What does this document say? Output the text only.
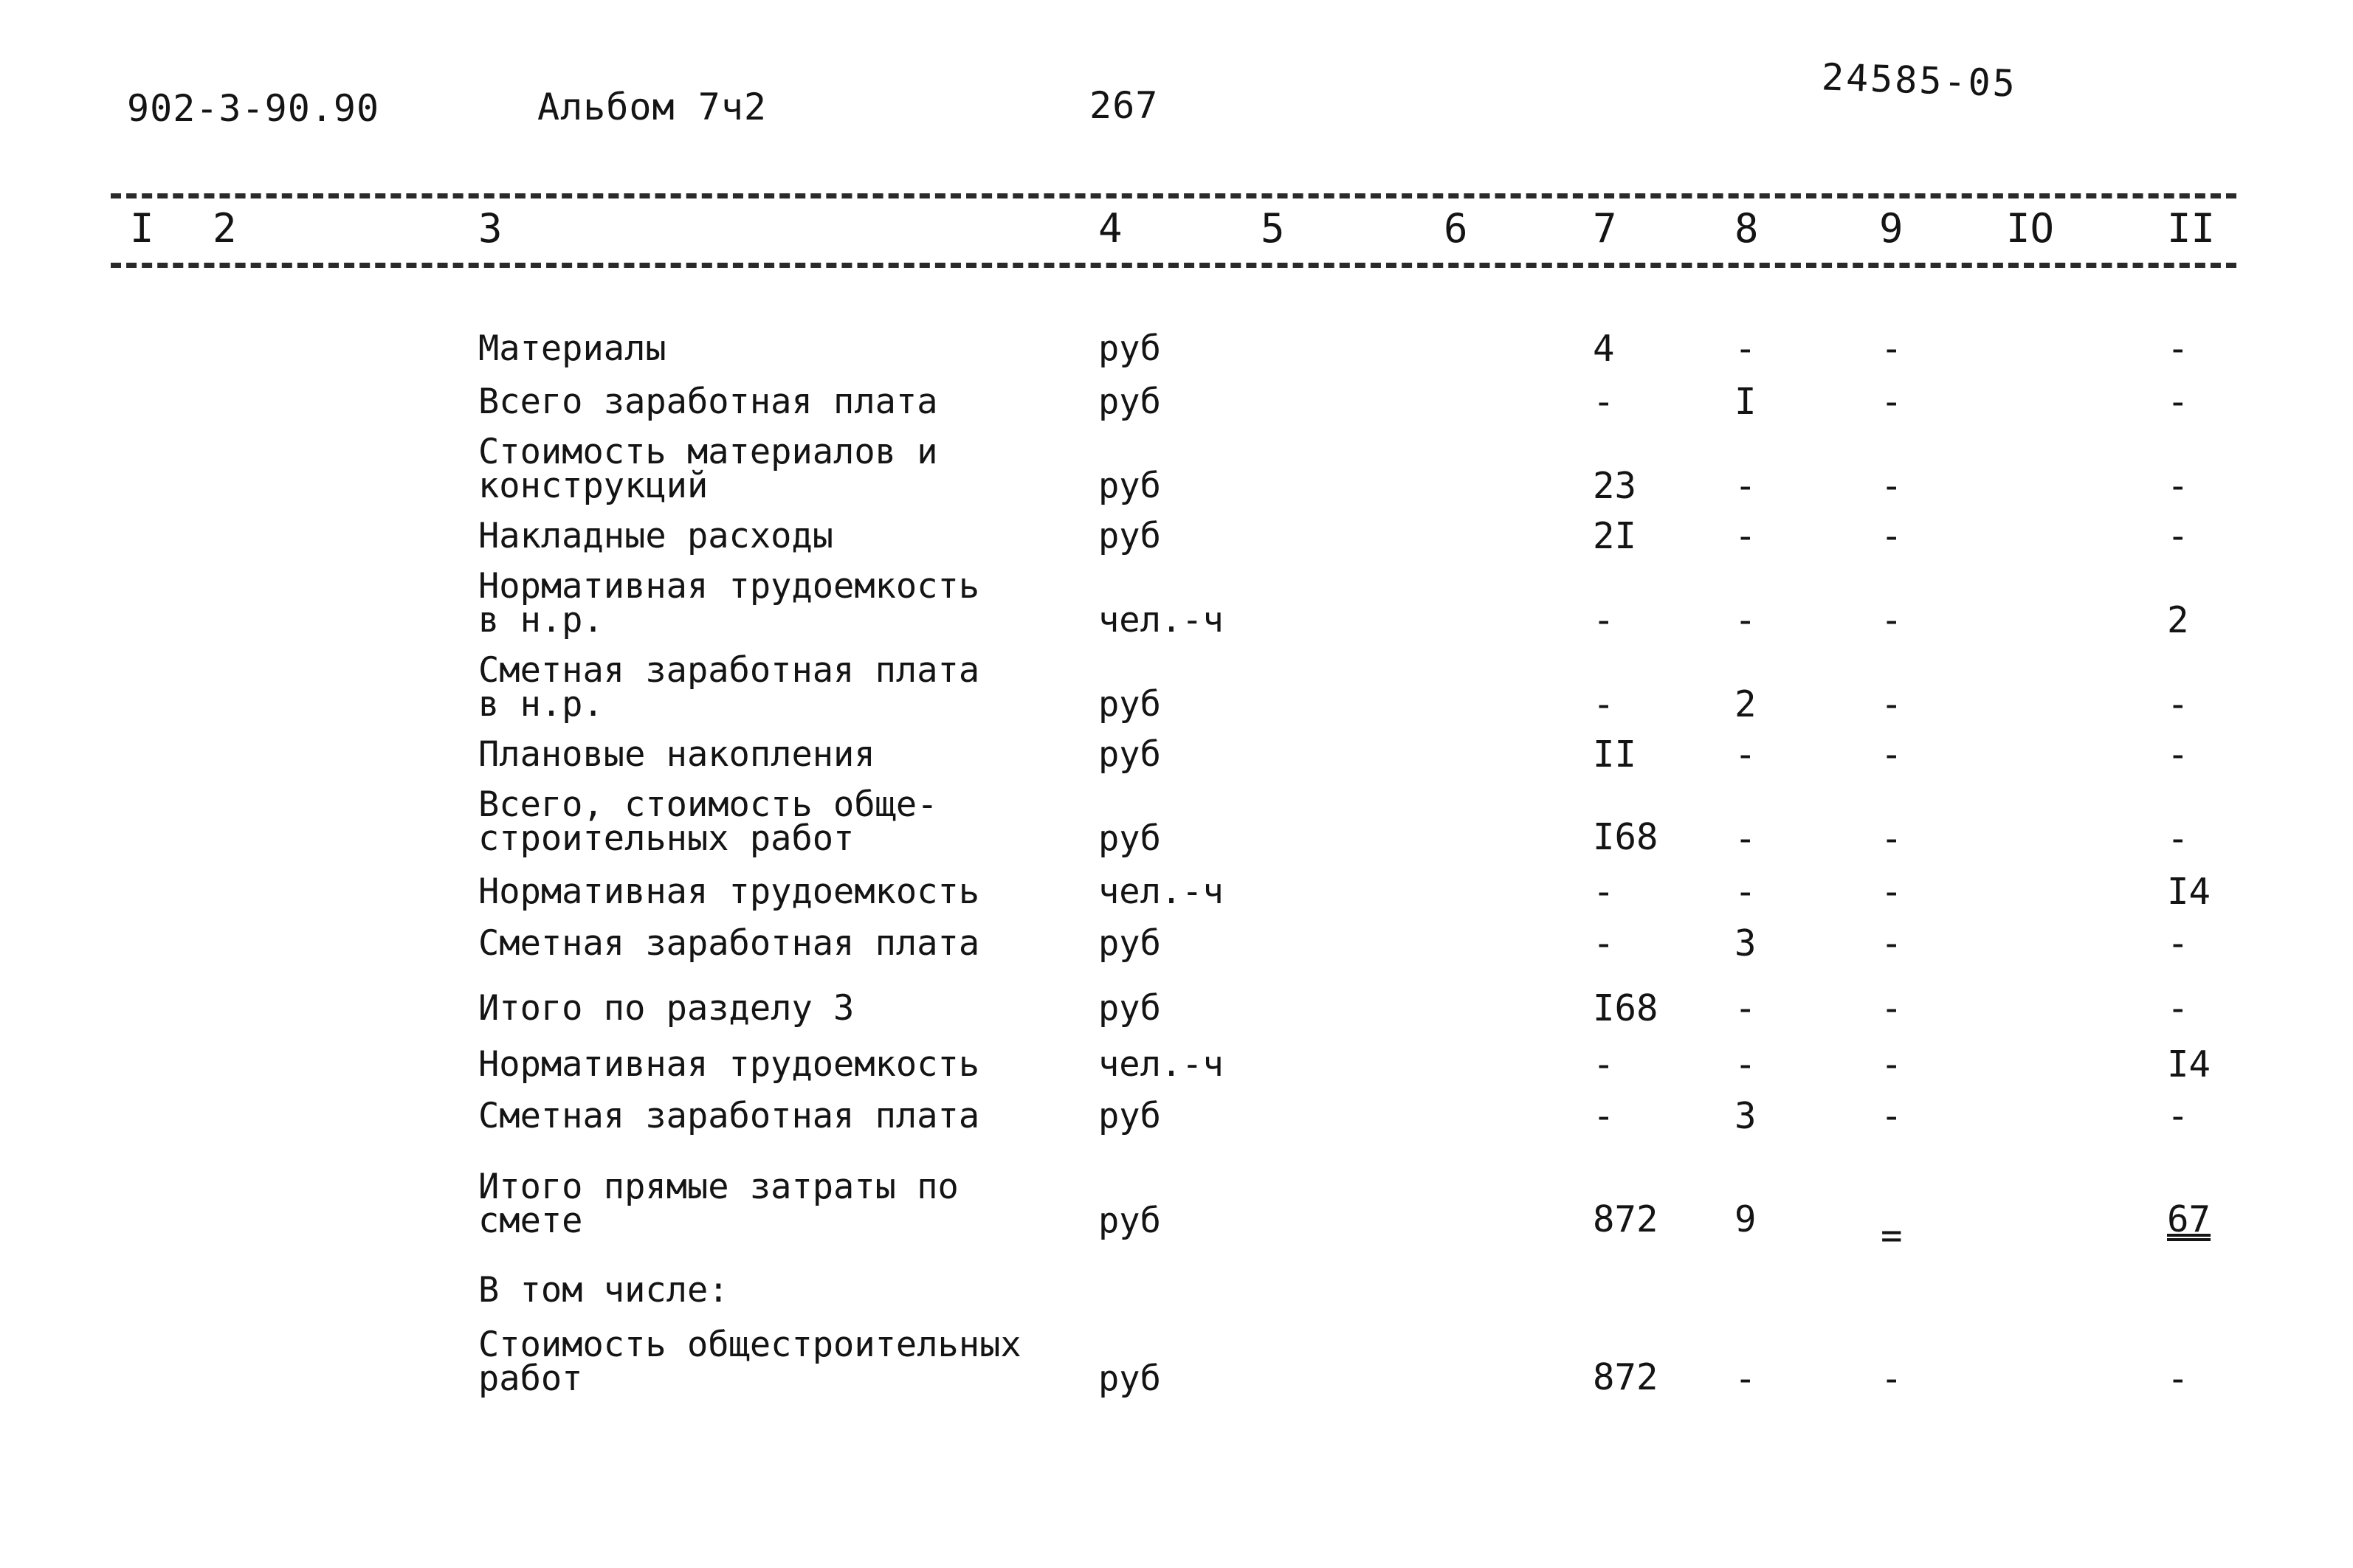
902-3-90.90	Альбом 7ч2	267
24585-05
I 2	3	4	5	6	7	8	9	IO	II
Материалы	руб	4	-	-	-
Всего заработная плата	руб	-	I	-	-
Стоимость материалов и
конструкций	руб	23	-	-	-
Накладные расходы	руб	2I	-	-	-
Нормативная трудоемкость
в н.р.	чел.-ч	-	-	-	2
Сметная заработная плата
в н.р.	руб	-	2	-	-
Плановые накопления	руб	II	-	-	-
Всего, стоимость обще-
строительных работ	руб	I68 -	-	-
Нормативная трудоемкость	чел.-ч	-	-	-	I4
Сметная заработная плата	руб	-	3	-	-
Итого по разделу 3	руб	I68 -	-	-
Нормативная трудоемкость	чел.-ч	-	-	-	I4
Сметная заработная плата	руб	-	3	-	-
Итого прямые затраты по
смете	руб	872 9	=	67
В том числе:
Стоимость общестроительных
работ	руб	872 -	-	-
